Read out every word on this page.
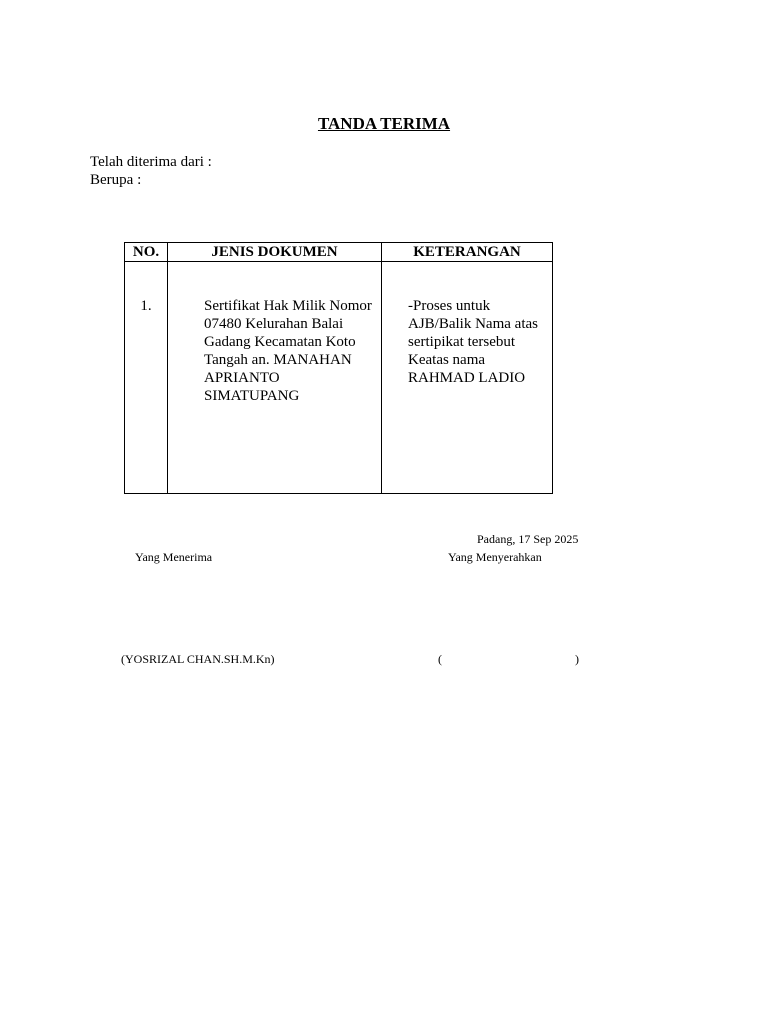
TANDA TERIMA
Telah diterima dari :
Berupa :
NO.	JENIS DOKUMEN	KETERANGAN
1.	Sertifikat Hak Milik Nomor 07480 Kelurahan Balai Gadang Kecamatan Koto Tangah an. MANAHAN APRIANTO SIMATUPANG	-Proses untuk AJB/Balik Nama atas sertipikat tersebut Keatas nama RAHMAD LADIO
Padang, 17 Sep 2025
Yang Menerima	Yang Menyerahkan
(YOSRIZAL CHAN.SH.M.Kn)	(	)
